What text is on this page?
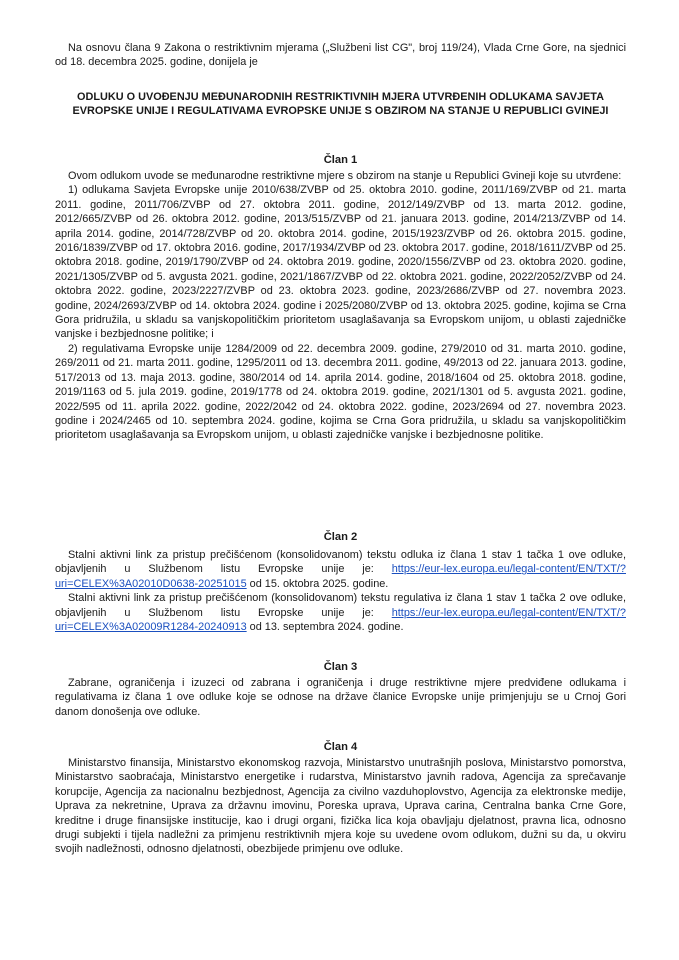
Na osnovu člana 9 Zakona o restriktivnim mjerama („Službeni list CG", broj 119/24), Vlada Crne Gore, na sjednici od 18. decembra 2025. godine, donijela je

ODLUKU O UVOĐENJU MEĐUNARODNIH RESTRIKTIVNIH MJERA UTVRĐENIH ODLUKAMA SAVJETA EVROPSKE UNIJE I REGULATIVAMA EVROPSKE UNIJE S OBZIROM NA STANJE U REPUBLICI GVINEJI

Član 1

Ovom odlukom uvode se međunarodne restriktivne mjere s obzirom na stanje u Republici Gvineji koje su utvrđene:

1) odlukama Savjeta Evropske unije 2010/638/ZVBP od 25. oktobra 2010. godine, 2011/169/ZVBP od 21. marta 2011. godine, 2011/706/ZVBP od 27. oktobra 2011. godine, 2012/149/ZVBP od 13. marta 2012. godine, 2012/665/ZVBP od 26. oktobra 2012. godine, 2013/515/ZVBP od 21. januara 2013. godine, 2014/213/ZVBP od 14. aprila 2014. godine, 2014/728/ZVBP od 20. oktobra 2014. godine, 2015/1923/ZVBP od 26. oktobra 2015. godine, 2016/1839/ZVBP od 17. oktobra 2016. godine, 2017/1934/ZVBP od 23. oktobra 2017. godine, 2018/1611/ZVBP od 25. oktobra 2018. godine, 2019/1790/ZVBP od 24. oktobra 2019. godine, 2020/1556/ZVBP od 23. oktobra 2020. godine, 2021/1305/ZVBP od 5. avgusta 2021. godine, 2021/1867/ZVBP od 22. oktobra 2021. godine, 2022/2052/ZVBP od 24. oktobra 2022. godine, 2023/2227/ZVBP od 23. oktobra 2023. godine, 2023/2686/ZVBP od 27. novembra 2023. godine, 2024/2693/ZVBP od 14. oktobra 2024. godine i 2025/2080/ZVBP od 13. oktobra 2025. godine, kojima se Crna Gora pridružila, u skladu sa vanjskopolitičkim prioritetom usaglašavanja sa Evropskom unijom, u oblasti zajedničke vanjske i bezbjednosne politike; i

2) regulativama Evropske unije 1284/2009 od 22. decembra 2009. godine, 279/2010 od 31. marta 2010. godine, 269/2011 od 21. marta 2011. godine, 1295/2011 od 13. decembra 2011. godine, 49/2013 od 22. januara 2013. godine, 517/2013 od 13. maja 2013. godine, 380/2014 od 14. aprila 2014. godine, 2018/1604 od 25. oktobra 2018. godine, 2019/1163 od 5. jula 2019. godine, 2019/1778 od 24. oktobra 2019. godine, 2021/1301 od 5. avgusta 2021. godine, 2022/595 od 11. aprila 2022. godine, 2022/2042 od 24. oktobra 2022. godine, 2023/2694 od 27. novembra 2023. godine i 2024/2465 od 10. septembra 2024. godine, kojima se Crna Gora pridružila, u skladu sa vanjskopolitičkim prioritetom usaglašavanja sa Evropskom unijom, u oblasti zajedničke vanjske i bezbjednosne politike.

Član 2

Stalni aktivni link za pristup prečišćenom (konsolidovanom) tekstu odluka iz člana 1 stav 1 tačka 1 ove odluke, objavljenih u Službenom listu Evropske unije je: https://eur-lex.europa.eu/legal-content/EN/TXT/?uri=CELEX%3A02010D0638-20251015 od 15. oktobra 2025. godine.

Stalni aktivni link za pristup prečišćenom (konsolidovanom) tekstu regulativa iz člana 1 stav 1 tačka 2 ove odluke, objavljenih u Službenom listu Evropske unije je: https://eur-lex.europa.eu/legal-content/EN/TXT/?uri=CELEX%3A02009R1284-20240913 od 13. septembra 2024. godine.

Član 3

Zabrane, ograničenja i izuzeci od zabrana i ograničenja i druge restriktivne mjere predviđene odlukama i regulativama iz člana 1 ove odluke koje se odnose na države članice Evropske unije primjenjuju se u Crnoj Gori danom donošenja ove odluke.

Član 4

Ministarstvo finansija, Ministarstvo ekonomskog razvoja, Ministarstvo unutrašnjih poslova, Ministarstvo pomorstva, Ministarstvo saobraćaja, Ministarstvo energetike i rudarstva, Ministarstvo javnih radova, Agencija za sprečavanje korupcije, Agencija za nacionalnu bezbjednost, Agencija za civilno vazduhoplovstvo, Agencija za elektronske medije, Uprava za nekretnine, Uprava za državnu imovinu, Poreska uprava, Uprava carina, Centralna banka Crne Gore, kreditne i druge finansijske institucije, kao i drugi organi, fizička lica koja obavljaju djelatnost, pravna lica, odnosno drugi subjekti i tijela nadležni za primjenu restriktivnih mjera koje su uvedene ovom odlukom, dužni su da, u okviru svojih nadležnosti, odnosno djelatnosti, obezbijede primjenu ove odluke.
